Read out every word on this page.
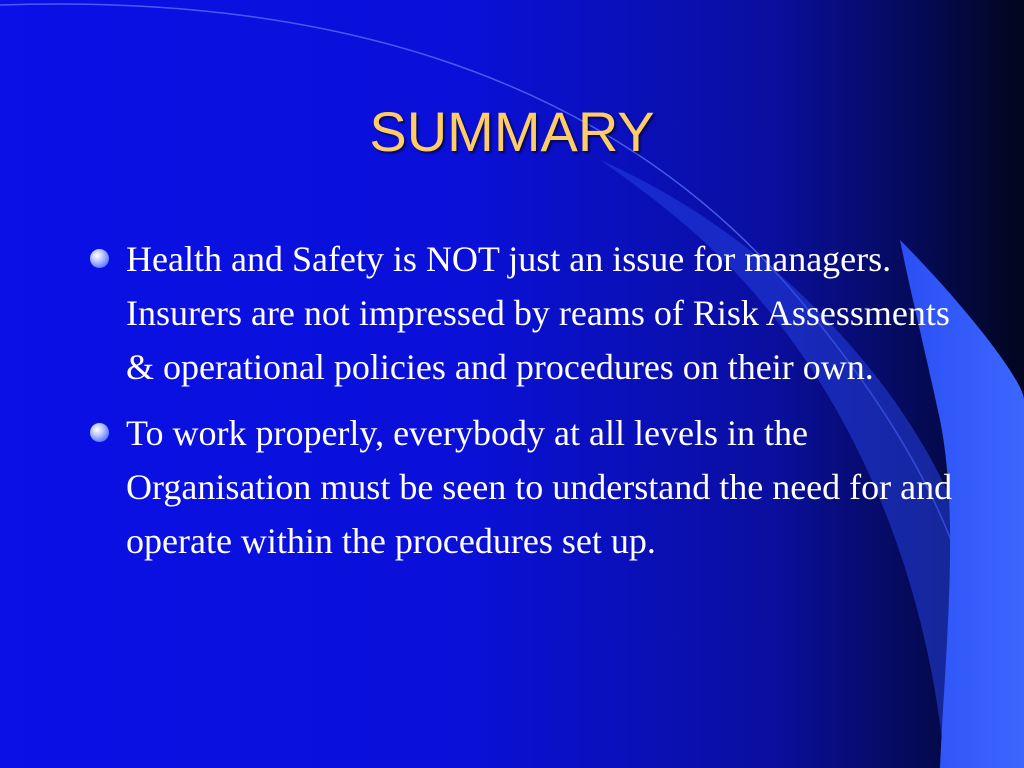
SUMMARY
Health and Safety is NOT just an issue for managers. Insurers are not impressed by reams of Risk Assessments & operational policies and procedures on their own.
To work properly, everybody at all levels in the Organisation must be seen to understand the need for and operate within the procedures set up.
